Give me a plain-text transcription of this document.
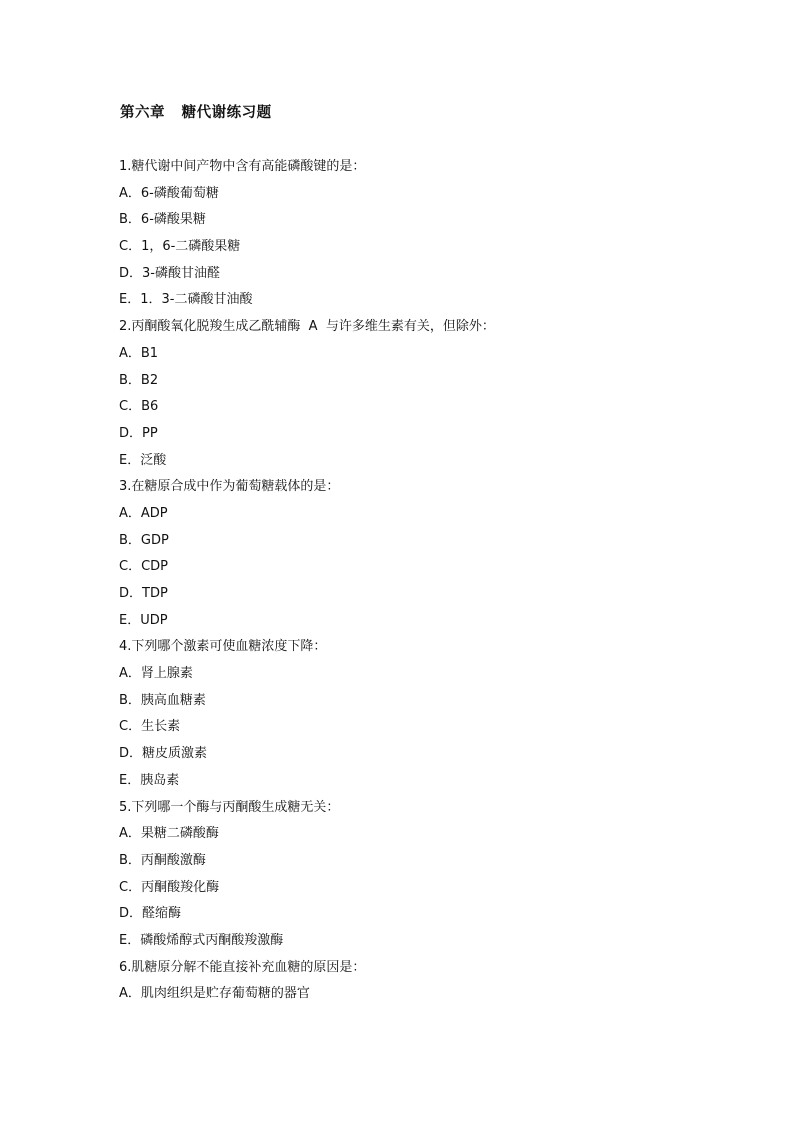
第六章   糖代谢练习题
1.糖代谢中间产物中含有高能磷酸键的是：
A．6-磷酸葡萄糖
B．6-磷酸果糖
C．1，6-二磷酸果糖
D．3-磷酸甘油醛
E．1．3-二磷酸甘油酸
2.丙酮酸氧化脱羧生成乙酰辅酶  A  与许多维生素有关，但除外：
A．B1
B．B2
C．B6
D．PP
E．泛酸
3.在糖原合成中作为葡萄糖载体的是：
A．ADP
B．GDP
C．CDP
D．TDP
E．UDP
4.下列哪个激素可使血糖浓度下降：
A．肾上腺素
B．胰高血糖素
C．生长素
D．糖皮质激素
E．胰岛素
5.下列哪一个酶与丙酮酸生成糖无关：
A．果糖二磷酸酶
B．丙酮酸激酶
C．丙酮酸羧化酶
D．醛缩酶
E．磷酸烯醇式丙酮酸羧激酶
6.肌糖原分解不能直接补充血糖的原因是：
A．肌肉组织是贮存葡萄糖的器官
